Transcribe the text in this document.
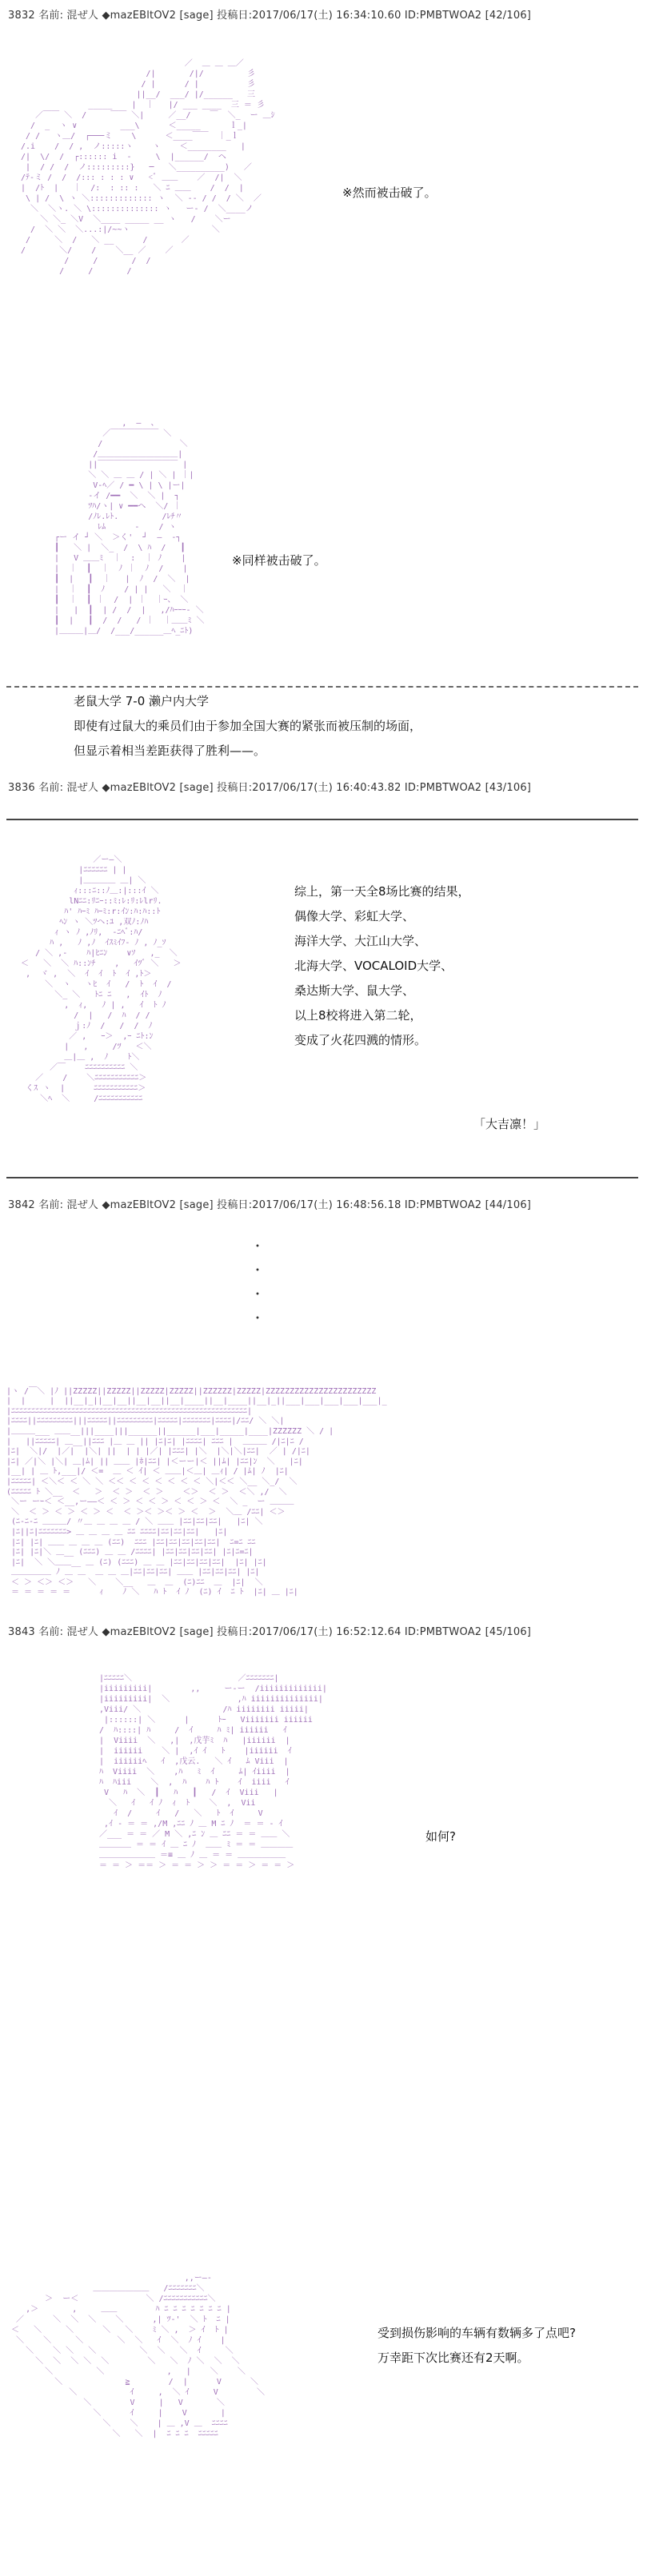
3832 名前: 混ぜ人 ◆mazEBltOV2 [sage] 投稿日:2017/06/17(土) 16:34:10.60 ID:PMBTWOA2 [42/106]

／  ＿ ＿ ＿／
/|       /|/         彡
/ |      / |          彡
||__/  ___/ |/______   三
_____    |  ｜   |/ ___ ____  三 ＝ 彡
／￣￣ ＼  /     ￣￣ ＼|     ／__/    ￣  ＼_  ー ＿ｼ
/  _  ヽ ∨         ___\      ＜_____      ｌ_|
/ /   ヽ＿/  ┌───ミ    \      ＜____￣￣  ｜_ｌ
/.i    /  / ,  ノ:::::ヽ    ヽ    ＜________   |
/|  \/  /  ┌:::::: i  -     \  |______/  ヘ
|  / /  /  ノ:::::::::}   ─   ＼__________)   ／
/ﾃ-ミ /  /  /::: : : : ∨   <ﾞ ＿＿    ／  /|  ＼
|  /ﾄ  |   ｜  /:  : :: :   ＼ ﾆ ＿＿    /  /  |
\ | /  \ ヽ ＼::::::::::::: ヽ  ＼ ‐‐ / /  / ＼  ／
＼  ＼ヽ. ＼ \:::::::::::::: ヽ   ー‐ /  ＼____ノ
＼ ＼_ ＼V  ＼____ _____ __ ヽ   /    ＼ー
/  ＼ ＼  ＼...:|/~~ヽ                 ＼
/     ＼  /   ＼ __      /       ／
/       ＼/    /    ＼__ ／    ／
/     /       /  /
/     /       /

※然而被击破了。

,  ―  、
／￣￣￣￣￣￣ ＼
/                ＼
/＿＿＿＿＿＿＿＿＿＿|
||￣￣￣￣￣￣￣￣￣￣ |
＼ ＼ ＿ ＿ / | ＼ | ｜|
V-ﾍ／ / ━ \ | \ |ー|
-イ /━━  ＼  ＼ |  ┐
ﾂﾊ/ヽ| ∨ ━━ヘ  ＼/ ｜
/ﾉﾚ.ﾚﾄ.         /ﾚﾁ〃
ﾚﾑ      -    / ヽ
┌ー イ ┘ ＼  ＞く'  ┘  ―  ‐┐
┃   ＼ |  ＼_  /  \ ﾊ  /   ┃
|   V ＿＿ﾐ  ｜  :  ｜ ﾉ    |
|  ｜  ┃  ｜  ﾉ ｜  ﾉ  /    |
┃  |   ┃  ｜   |  ﾉ  /  ＼  |
|  ｜  ┃  ﾉ    / | |   ＼  ｜
┃  ｜  ┃ ｜  /  | ｜  ｜ｰ、 ＼
|   |  ┃  | /  /  |   ,/ﾊｰｰｰ‐ ＼
┃  |   ┃  /  /   / ｜  ｜＿＿ﾐ ＼
|＿＿＿|＿/  /___/______＿ﾍ_ﾆﾄ)

※同样被击破了。
老鼠大学 7-0 濑户内大学
即使有过鼠大的乘员们由于参加全国大赛的紧张而被压制的场面，
但显示着相当差距获得了胜利——。
3836 名前: 混ぜ人 ◆mazEBltOV2 [sage] 投稿日:2017/06/17(土) 16:40:43.82 ID:PMBTWOA2 [43/106]

／ー―＼
|ﾆﾆﾆﾆﾆﾆ | |
|＿＿＿＿ ＿| ＼
ｨ:::ﾆ::ﾉ＿:|:::ｲ ＼
lNﾆﾆ:ﾘﾆｰ::ﾐ:ﾚ:ﾘ:ﾚlrﾘ.
ﾊ' ﾊｰﾐ ﾊｰﾐ:r:ｲﾝ:ﾊ:ﾊ::ﾄ
ﾍﾝ ヽ ＼ﾂヘ:ﾕ ,双ﾉ:ﾉﾊ
ｨ ヽ ﾉ ,ﾉﾘ,  -ﾆﾍﾞ:ﾊ/
ﾊ ,   ﾉ ,ﾉ  ｲｽﾐｲﾌ‐ ﾉ , ﾉ_ｿ
/ ＼ ,-    ﾊ|ﾋﾆﾝ    ∨ｿ   ,_  ＼
＜   ＼  ＼ ﾊ::ﾝﾁ    ,   ｲﾂﾞ ＼   ＞
,  ヾ ,  ＼  ｲ  ｲ  ﾄ  ｲ ,ﾄ＞
＼  ヽ   ヽﾋ  ｲ   /  ﾄ  ｲ  /
＼_ ＼   ﾄﾆ ﾆ   ,  ｲﾄ  ﾉ
,  ｨ,   ﾉ | ,   ｲ  ﾄ ﾉ
/  |   /  ﾊ  / /
ｊ:ﾉ  /   /  /  ﾉ
／ ,   ｰ＞  ,ｰ ﾆﾄ:ﾝ
|   ,     /ﾂ   ＜＼
＿|＿ ,  ﾉ    ﾄ＼
／￣    ﾆﾆﾆﾆﾆﾆﾆﾆﾆﾆ ＼
／    /    ＼ﾆﾆﾆﾆﾆﾆﾆﾆﾆﾆﾆ＞
くｽ ヽ  |      ﾆﾆﾆﾆﾆﾆﾆﾆﾆﾆﾆ＞
＼ﾍ  ＼     /ﾆﾆﾆﾆﾆﾆﾆﾆﾆﾆﾆ

综上，第一天全8场比赛的结果，
偶像大学、彩虹大学、
海洋大学、大江山大学、
北海大学、VOCALOID大学、
桑达斯大学、鼠大学、
以上8校将进入第二轮，
变成了火花四溅的情形。
「大吉凛！」
3842 名前: 混ぜ人 ◆mazEBltOV2 [sage] 投稿日:2017/06/17(土) 16:48:56.18 ID:PMBTWOA2 [44/106]
・
・
・
・

|ヽ /￣＼ |ﾉ ||ZZZZZ||ZZZZZ||ZZZZZ|ZZZZZ||ZZZZZZ|ZZZZZ|ZZZZZZZZZZZZZZZZZZZZZZZ
|  |     |  ||__|_||__|__||__|__||__|____||__|____||__|_||___|___|___|___|___|_
|ﾆﾆﾆﾆﾆﾆﾆﾆﾆﾆﾆﾆﾆﾆﾆﾆﾆﾆﾆﾆﾆﾆﾆﾆﾆﾆﾆﾆﾆﾆﾆﾆﾆﾆﾆﾆﾆﾆﾆﾆﾆﾆﾆﾆﾆﾆﾆﾆﾆﾆﾆﾆﾆﾆﾆﾆﾆﾆﾆ|
|ﾆﾆﾆﾆ||ﾆﾆﾆﾆﾆﾆﾆﾆﾆ|||ﾆﾆﾆﾆﾆ||ﾆﾆﾆﾆﾆﾆﾆﾆﾆ|ﾆﾆﾆﾆﾆ|ﾆﾆﾆﾆﾆﾆﾆ|ﾆﾆﾆﾆ|/ﾆﾆ/ ＼ ＼|
|＿＿＿___ ＿＿__|||____|||______||______|___|_____|____|ZZZZZZ ＼ / |
|   ||ﾆﾆﾆﾆﾆ| ＿__||ﾆﾆﾆ |＿ ＿ || |ﾆ|ﾆ| |ﾆﾆﾆﾆ| ﾆﾆﾆ |  ＿＿＿ /|ﾆ|ﾆ /
|ﾆ|  ＼|/  |／|  |＼| ||  | | |／| |ﾆﾆﾆ| |＼  |＼|＼|ﾆﾆ|  ／ | /|ﾆ|
|ﾆ| ／|＼ |＼| ＿|ﾑ| || ＿＿ |ﾎ|ﾆﾆ| |＜ーー|＜ ||ﾑ| |ﾆﾆ|ﾝ  ＼   |ﾆ|
|__| | ＿ ﾄ,___|/ ＜=  ＿ ＜ ｲ| ＜ ＿＿|＜＿| ＿ｨ| / |ﾑ| ﾉ  |ﾆ|
|ﾆﾆﾆﾆﾆ| ＜＼＜ ＜ ＼ ＼ ＜＜ ＜ ＜ ＜ ＜ ＜ ＜ ＼|＜＜ ＼__ ＼_/  ＼
(ﾆﾆﾆﾆﾆ ﾄ ＼__  ＜   ＞  ＜ ＞  ＜ ＞    ＜＞  ＜ ＞  ＜＼ ,/  ＼
＼ー ーｰ＜ ＜__,ー――＜ ＜ ＞ ＜ ＜ ＞ ＜ ＜ ＞ ＜  ＼ _  ー ＿＿＿
＼  ＜ ＞ ＜ ＞ ＜ ＞ ＜  ＜ ＞＜ ＞＜ ＞ ＜  ＞  ＼＿ /ﾆﾆ| ＜＞
(ﾆ-ﾆ-ﾆ ＿＿＿/ 〃＿ ＿ ＿ ＿ / ＼ ＿＿ |ﾆﾆ|ﾆﾆ|ﾆﾆ|   |ﾆ| ＼
|ﾆ||ﾆ|ﾆﾆﾆﾆﾆﾆﾆ> ＿ ＿ ＿ ＿ ﾆﾆ ﾆﾆﾆﾆ|ﾆﾆ|ﾆﾆ|ﾆﾆ|   |ﾆ|
|ﾆ| |ﾆ| ＿＿ ＿ ＿ ＿ (ﾆﾆ)  ﾆﾆﾆ |ﾆﾆ|ﾆﾆ|ﾆﾆ|ﾆﾆ|ﾆﾆ|  ﾆ=ﾆ ﾆﾆ
|ﾆ| |ﾆ|＼ ＿__ (ﾆﾆﾆ) ＿ ＿ /ﾆﾆﾆﾆ| |ﾆﾆ|ﾆﾆ|ﾆﾆ|ﾆﾆ| |ﾆ|ﾆ=ﾆ|
|ﾆ|  ＼ ＼＿＿__ ＿ (ﾆ) (ﾆﾆﾆ) ＿ ＿ |ﾆﾆ|ﾆﾆ|ﾆﾆ|ﾆﾆ|  |ﾆ| |ﾆ|
＿＿＿＿＿ ﾉ ＿ ＿  ＿ ＿ ＿|ﾆﾆ|ﾆﾆ|ﾆﾆ| ＿＿ |ﾆﾆ|ﾆﾆ|ﾆﾆ| |ﾆ|
＜ ＞ ＜＞ ＜＞   ＼    ＼__   ＿  ＿  (ﾆ)ﾆﾆ  ＿  |ﾆ|  ＼
＝ ＝ ＝ ＝ ＝      ｨ    ﾉ ＼   ﾊ ﾄ  ｲ ﾉ  (ﾆ) ｲ  ﾆ ﾄ  |ﾆ| ＿ |ﾆ|

3843 名前: 混ぜ人 ◆mazEBltOV2 [sage] 投稿日:2017/06/17(土) 16:52:12.64 ID:PMBTWOA2 [45/106]

|ﾆﾆﾆﾆﾆ＼                      ／ﾆﾆﾆﾆﾆﾆﾆ|
|iiiiiiiii|        ,,     ー‐ー  /iiiiiiiiiiiii|
|iiiiiiiii|  ＼              ,ﾊ iiiiiiiiiiiiii|
,Viii/ ＼                 /ﾊ iiiiiiii iiiii|
|::::::| ＼      |      ﾄｰ   Viiiiiii iiiiii
/  ﾊ::::| ﾊ     /  ｲ     ﾊ ﾐ| iiiiii   ｲ
|  Viiii  ＼   ,|  ,戊芋ﾐ  ﾊ   |iiiiii  |
|  iiiiii    ＼ |  ,ｲ ｲ   ﾄ    |iiiiii  ｲ
|  iiiiiiﾍ   ｲ  ,戊云.   ＼ ｲ   ﾑ Viii  |
ﾊ  Viiii  ＼    ,ﾊ   ﾐ  ｲ     ﾑ| ｲiiii  |
ﾊ  ﾊiii    ＼  ,  ﾊ    ﾊ ﾄ    ｲ  iiii   ｲ
V   ﾊ  ＼  ┃   ﾊ   ┃   /  ｲ  Viii   |
＼   ｲ   ｲ ﾉ  ｨ  ﾄ    ＼  ,  Vii
ｲ  /     ｲ   /   ＼   ﾄ  ｲ     V
,ｲ ‐ ＝ ＝ ,/M ,ﾆﾆ ﾉ ＿ M ﾆ ﾉ  ＝ ＝ ‐ ｲ
／___ ＝ ＝ ／ M ＼ ,ﾆ ﾝ ＿ ﾆﾆ ＝ ＝ ＿＿ ＼
＿＿＿＿ ＝ ＝ ｲ ＿ ﾆ ﾉ  ＿＿ ﾐ ＝ ＝ ＿＿＿＿
＿＿＿＿＿＿＿ ＝≡ ＿ ﾉ ＿ ＝ ＝ ＿＿＿＿＿＿
＝ ＝ ＞ ＝＝ ＞ ＝ ＝ ＞ ＞ ＝ ＝ ＞ ＝ ＝ ＞

如何?

,,ー―‐
＿＿＿＿＿＿＿   /ﾆﾆﾆﾆﾆﾆﾆ＼
＞  ー＜              ＼ /ﾆﾆﾆﾆﾆﾆﾆﾆﾆﾆﾆ＼
,＞       ,     ＿＿        ﾊ ﾆ ﾆ ﾆ ﾆ ﾆ ﾆ ﾆ |
／      ＼  ＼  ＼    ＼      ,| ﾂ‐'  ＼ ﾄ  ﾆ |
＜   ＼     ＼      ＼   ＼    ﾐ ＼ ,  ＞ ｲ  ﾄ |
＼    ＼     ＼       ＼  ＼   ｲ  ＼  ﾉ ｲ    |
＼    ＼ ＼   ＼         ＼  ＼   ＼  ｲ     ＼
＼  ＼  ＼ ＼  ＼        ＼   ＼  ﾉ ＼  ＼  ＼
＼         ＼             ,   |    ＼    ＼
＼             ≧        /  |      V      ＼
＼           ｲ     ,  ＼ ｲ     V        ＼
＼        V     |   V       ＼
＼      ｲ     |    V       |
＼    ＼    | ＿ ,V ＿  ﾆﾆﾆﾆ
＼   ＼  |  ﾆ ﾆ ﾆ  ﾆﾆﾆﾆﾆ

受到损伤影响的车辆有数辆多了点吧?
万幸距下次比赛还有2天啊。
